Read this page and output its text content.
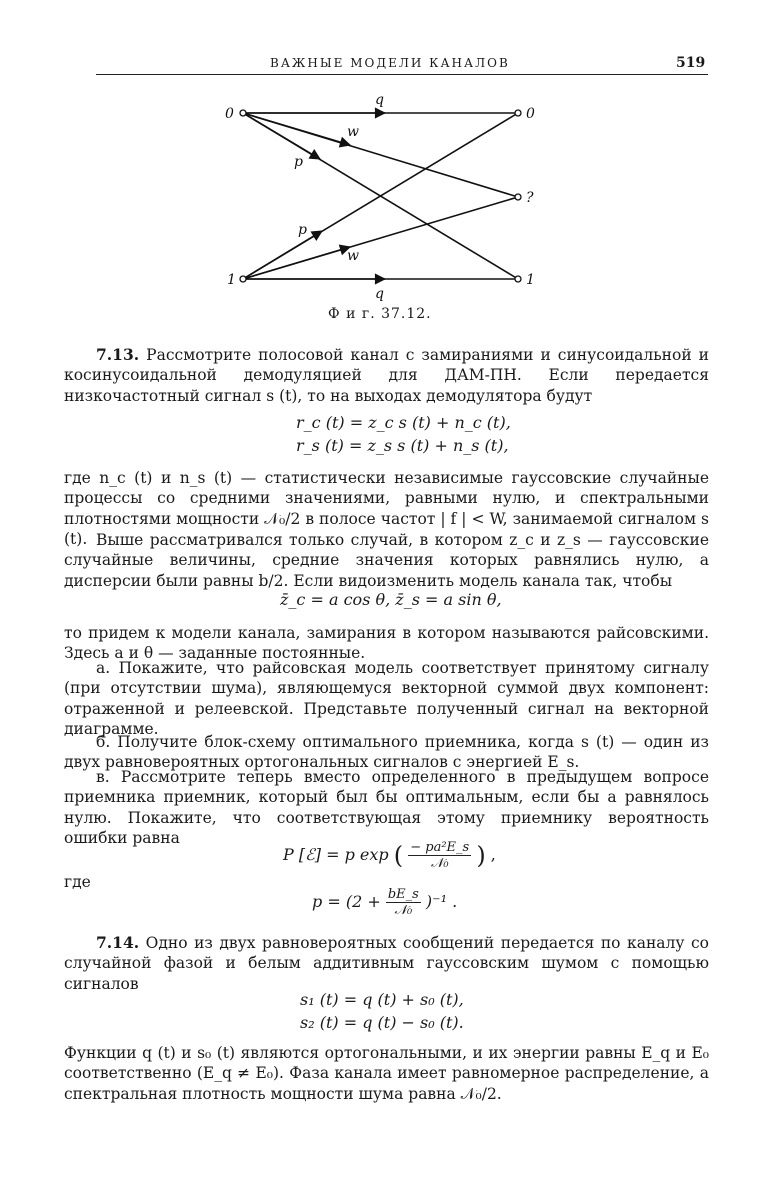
ВАЖНЫЕ МОДЕЛИ КАНАЛОВ	519
0
1
0
?
1
q
w
p
p
w
q
Ф и г. 37.12.
7.13. Рассмотрите полосовой канал с замираниями и синусоидальной и косинусоидальной демодуляцией для ДАМ-ПН. Если передается низкочастотный сигнал s (t), то на выходах демодулятора будут
r_c (t) = z_c s (t) + n_c (t),
r_s (t) = z_s s (t) + n_s (t),
где n_c (t) и n_s (t) — статистически независимые гауссовские случайные процессы со средними значениями, равными нулю, и спектральными плотностями мощности 𝒩₀/2 в полосе частот | f | < W, занимаемой сигналом s (t). Выше рассматривался только случай, в котором z_c и z_s — гауссовские случайные величины, средние значения которых равнялись нулю, а дисперсии были равны b/2. Если видоизменить модель канала так, чтобы
z̄_c = a cos θ, z̄_s = a sin θ,
то придем к модели канала, замирания в котором называются райсовскими. Здесь a и θ — заданные постоянные.
а. Покажите, что райсовская модель соответствует принятому сигналу (при отсутствии шума), являющемуся векторной суммой двух компонент: отраженной и релеевской. Представьте полученный сигнал на векторной диаграмме.
б. Получите блок-схему оптимального приемника, когда s (t) — один из двух равновероятных ортогональных сигналов с энергией E_s.
в. Рассмотрите теперь вместо определенного в предыдущем вопросе приемника приемник, который был бы оптимальным, если бы a равнялось нулю. Покажите, что соответствующая этому приемнику вероятность ошибки равна
P [ℰ] = p exp ( $\frac{\text{− pa²E\_s}}{\text{𝒩₀}}$ ) ,
где
$p = (2 + \frac{bE\_s}{\text{𝒩₀}} )^{-1}$ .
7.14. Одно из двух равновероятных сообщений передается по каналу со случайной фазой и белым аддитивным гауссовским шумом с помощью сигналов
s₁ (t) = q (t) + s₀ (t),
s₂ (t) = q (t) − s₀ (t).
Функции q (t) и s₀ (t) являются ортогональными, и их энергии равны E_q и E₀ соответственно (E_q ≠ E₀). Фаза канала имеет равномерное распределение, а спектральная плотность мощности шума равна 𝒩₀/2.
